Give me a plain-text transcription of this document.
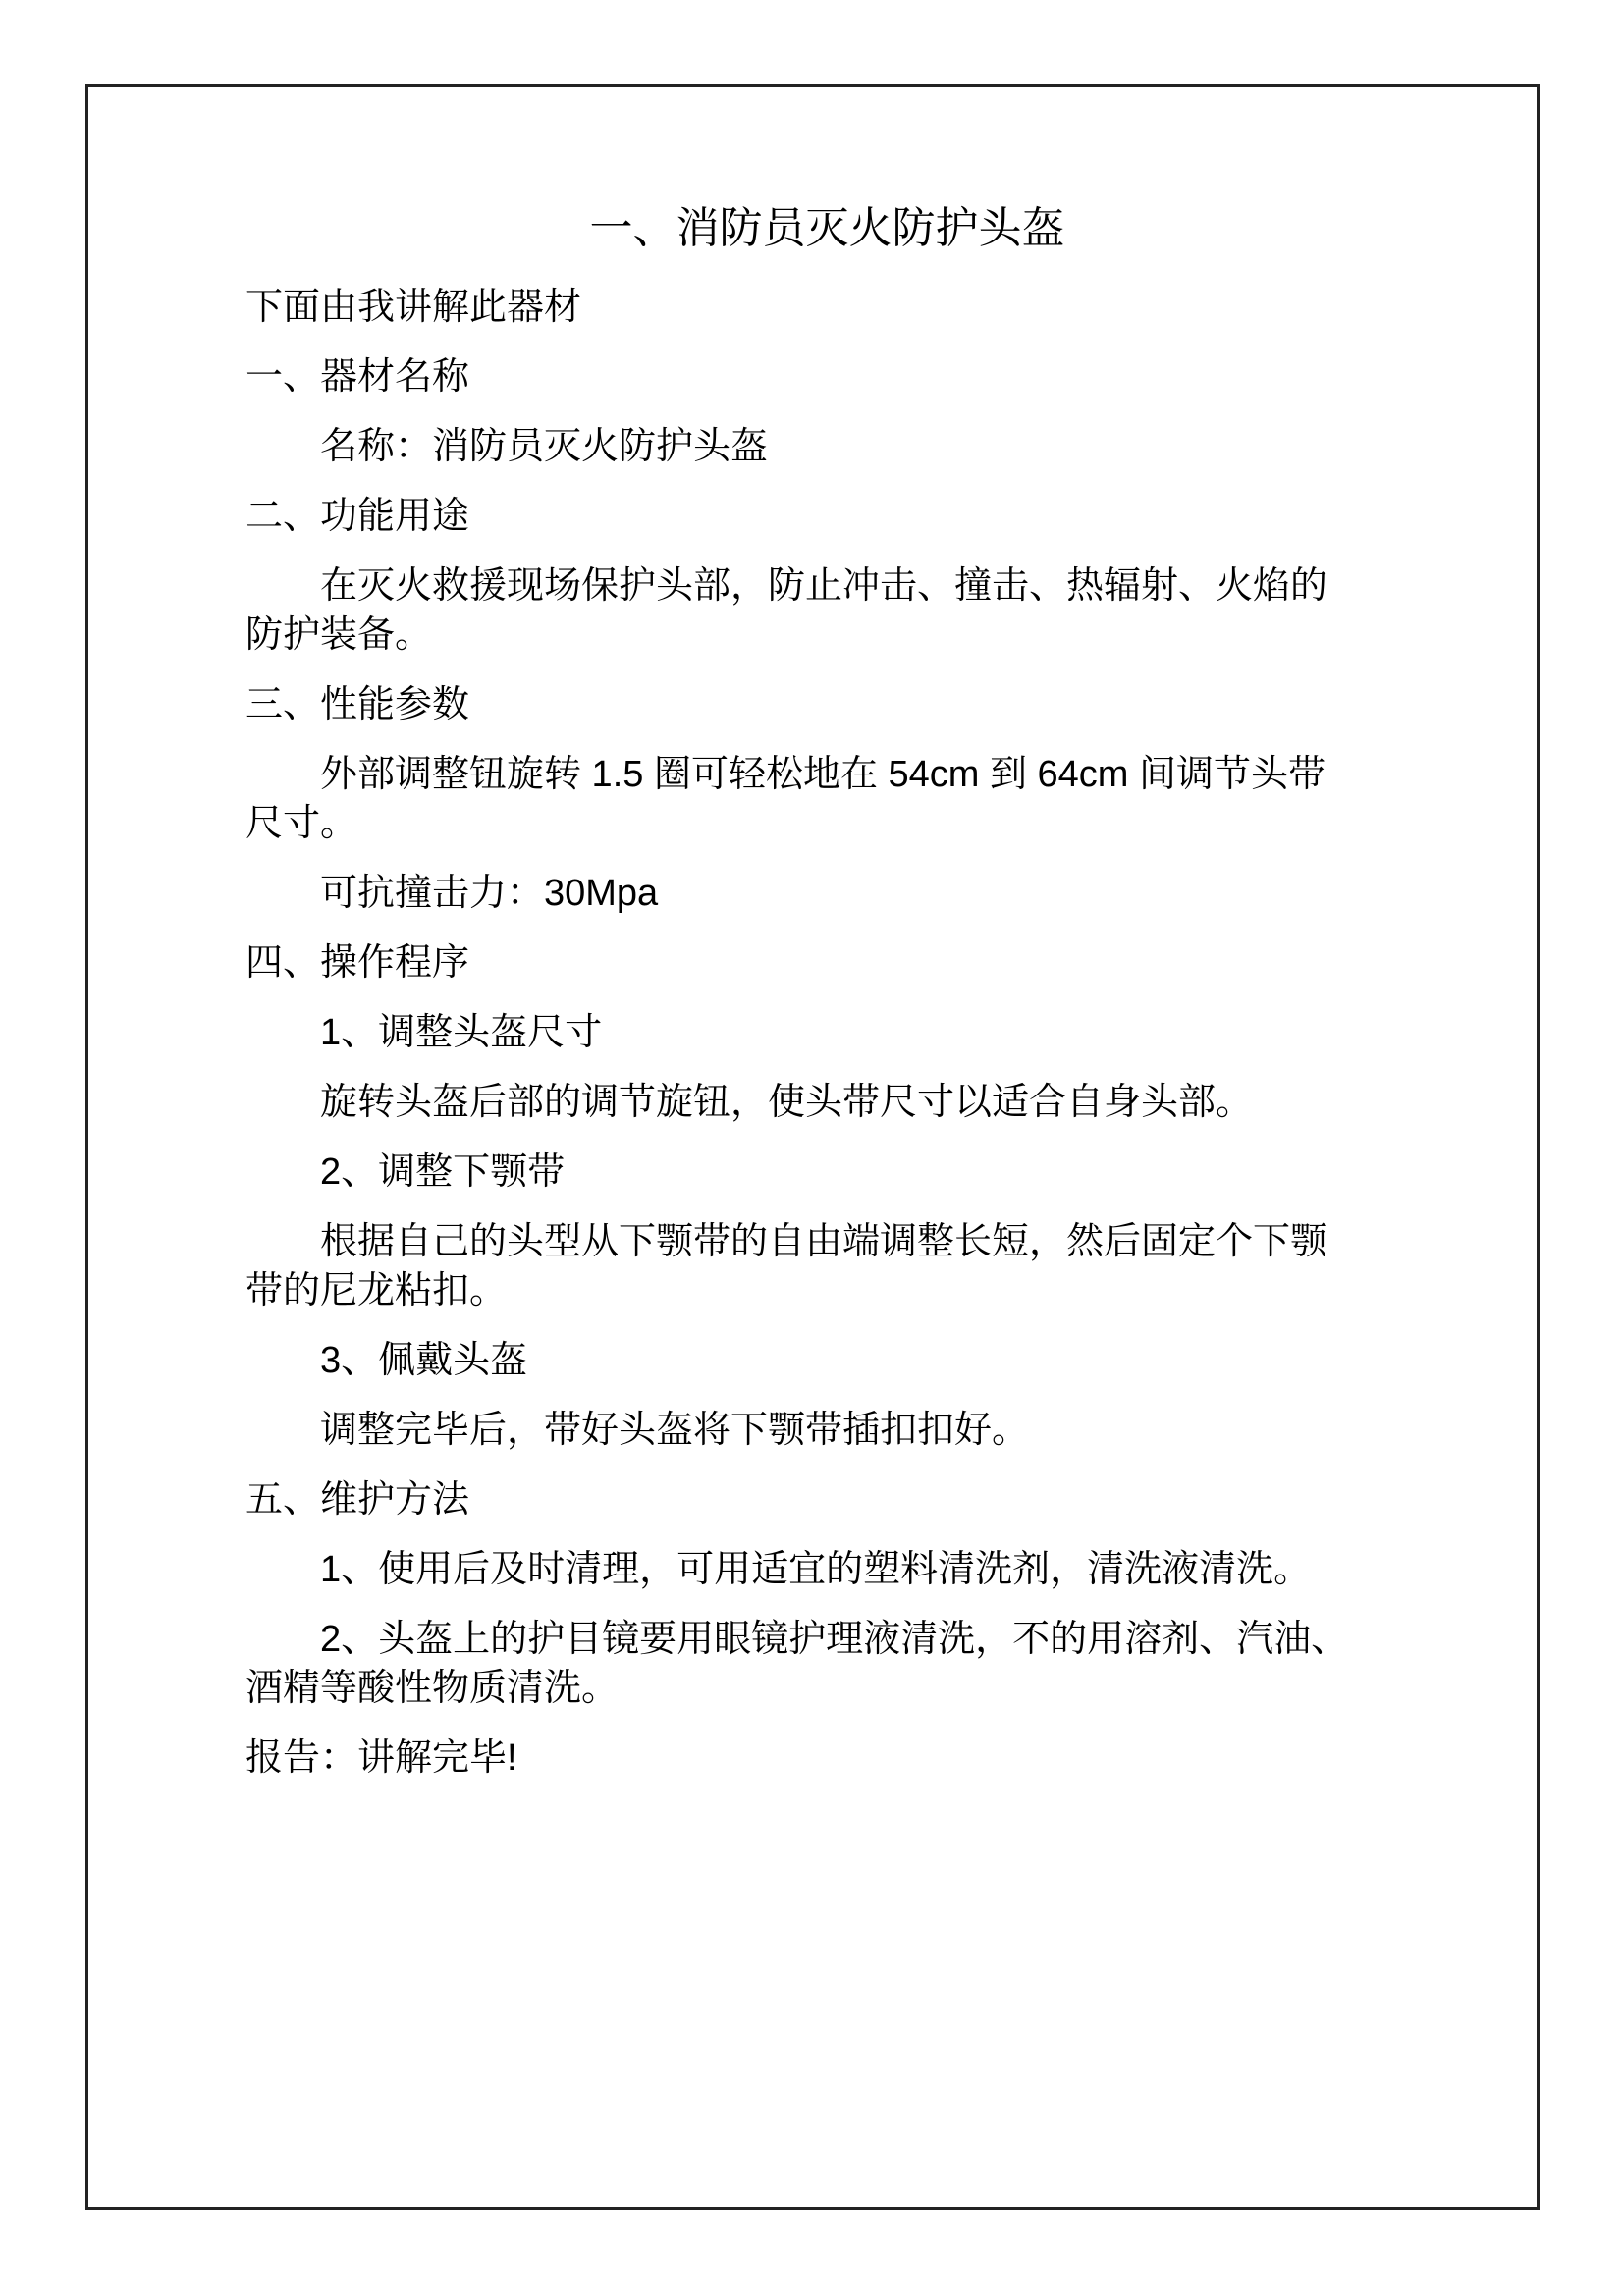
一、消防员灭火防护头盔
下面由我讲解此器材
一、器材名称
名称：消防员灭火防护头盔
二、功能用途
在灭火救援现场保护头部，防止冲击、撞击、热辐射、火焰的
防护装备。
三、性能参数
外部调整钮旋转 1.5 圈可轻松地在 54cm 到 64cm 间调节头带
尺寸。
可抗撞击力：30Mpa
四、操作程序
1、调整头盔尺寸
旋转头盔后部的调节旋钮，使头带尺寸以适合自身头部。
2、调整下颚带
根据自己的头型从下颚带的自由端调整长短，然后固定个下颚
带的尼龙粘扣。
3、佩戴头盔
调整完毕后，带好头盔将下颚带插扣扣好。
五、维护方法
1、使用后及时清理，可用适宜的塑料清洗剂，清洗液清洗。
2、头盔上的护目镜要用眼镜护理液清洗，不的用溶剂、汽油、
酒精等酸性物质清洗。
报告：讲解完毕!
